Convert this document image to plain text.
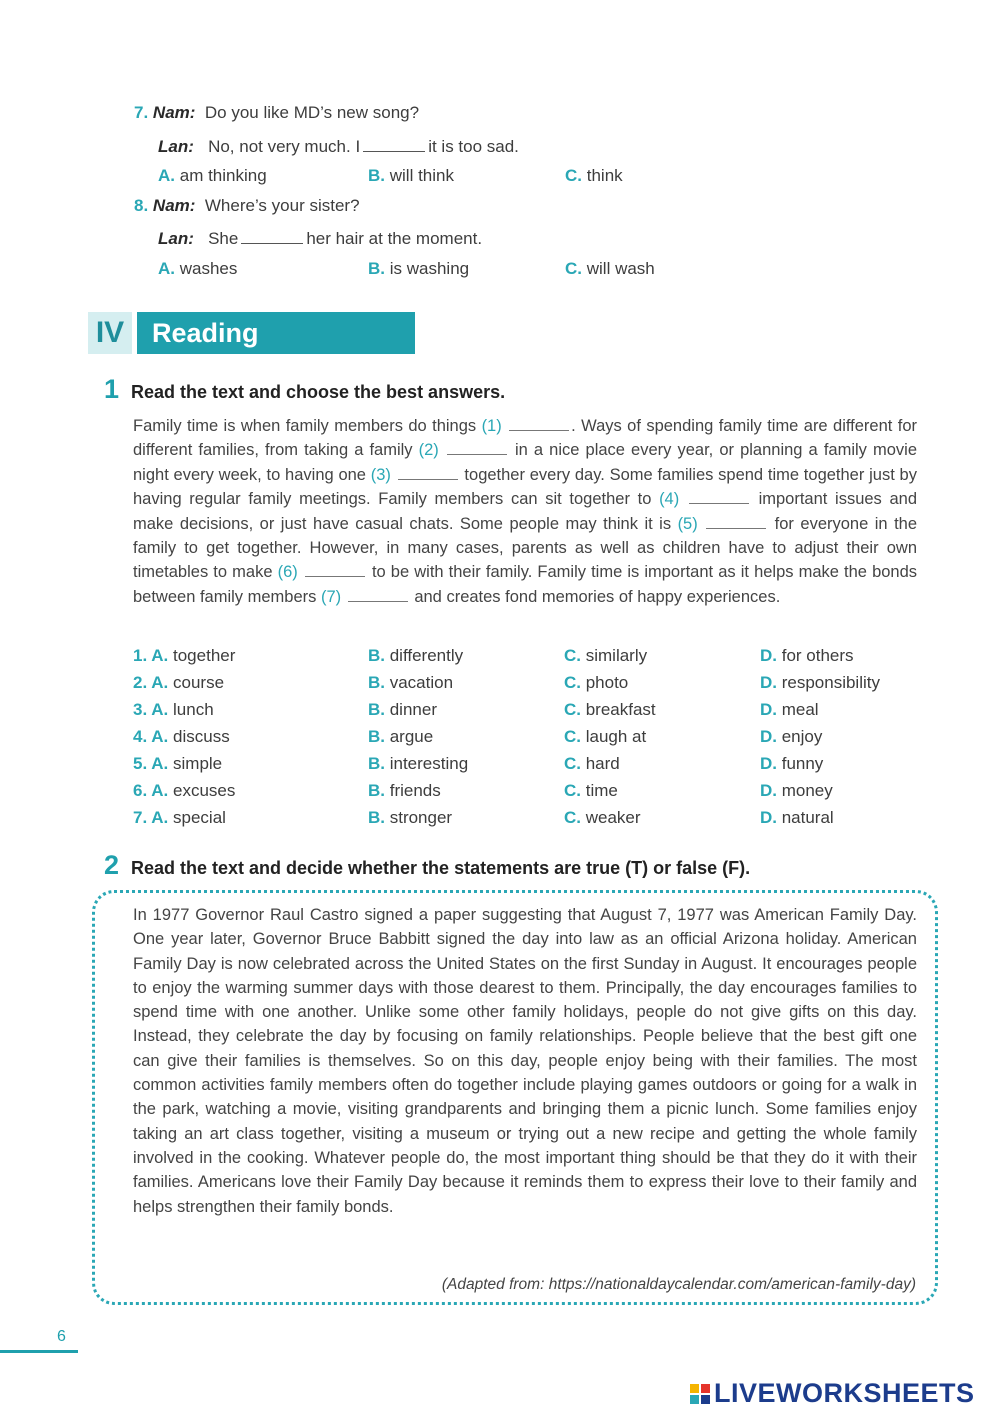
7. Nam: Do you like MD’s new song?
Lan: No, not very much. I	it is too sad.
A. am thinking	B. will think	C. think
8. Nam: Where’s your sister?
Lan: She	her hair at the moment.
A. washes	B. is washing	C. will wash
IV	Reading
1 Read the text and choose the best answers.
Family time is when family members do things (1)	. Ways of spending family time are different for different families, from taking a family (2)	in a nice place every year, or planning a family movie night every week, to having one (3)	together every day. Some families spend time together just by having regular family meetings. Family members can sit together to (4)	important issues and make decisions, or just have casual chats. Some people may think it is (5)	for everyone in the family to get together. However, in many cases, parents as well as children have to adjust their own timetables to make (6)	to be with their family. Family time is important as it helps make the bonds between family members (7)	and creates fond memories of happy experiences.
1. A. together	B. differently	C. similarly	D. for others
2. A. course	B. vacation	C. photo	D. responsibility
3. A. lunch	B. dinner	C. breakfast	D. meal
4. A. discuss	B. argue	C. laugh at	D. enjoy
5. A. simple	B. interesting	C. hard	D. funny
6. A. excuses	B. friends	C. time	D. money
7. A. special	B. stronger	C. weaker	D. natural
2 Read the text and decide whether the statements are true (T) or false (F).
In 1977 Governor Raul Castro signed a paper suggesting that August 7, 1977 was American Family Day. One year later, Governor Bruce Babbitt signed the day into law as an official Arizona holiday. American Family Day is now celebrated across the United States on the first Sunday in August. It encourages people to enjoy the warming summer days with those dearest to them. Principally, the day encourages families to spend time with one another. Unlike some other family holidays, people do not give gifts on this day. Instead, they celebrate the day by focusing on family relationships. People believe that the best gift one can give their families is themselves. So on this day, people enjoy being with their families. The most common activities family members often do together include playing games outdoors or going for a walk in the park, watching a movie, visiting grandparents and bringing them a picnic lunch. Some families enjoy taking an art class together, visiting a museum or trying out a new recipe and getting the whole family involved in the cooking. Whatever people do, the most important thing should be that they do it with their families. Americans love their Family Day because it reminds them to express their love to their family and helps strengthen their family bonds.
(Adapted from: https://nationaldaycalendar.com/american-family-day)
6
LIVEWORKSHEETS
